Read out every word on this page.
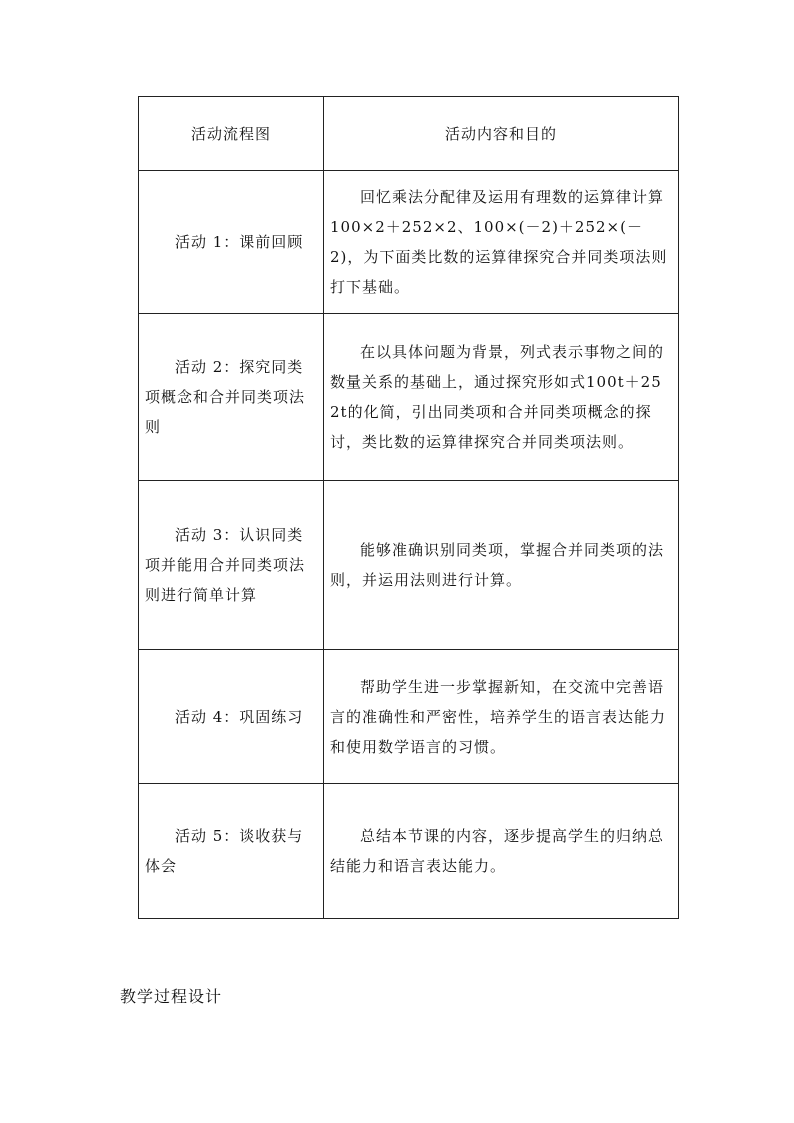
活动流程图	活动内容和目的
活动 1：课前回顾	回忆乘法分配律及运用有理数的运算律计算100×2＋252×2、100×(－2)＋252×(－2)，为下面类比数的运算律探究合并同类项法则打下基础。
活动 2：探究同类项概念和合并同类项法则	在以具体问题为背景，列式表示事物之间的数量关系的基础上，通过探究形如式100t＋252t的化简，引出同类项和合并同类项概念的探讨，类比数的运算律探究合并同类项法则。
活动 3：认识同类项并能用合并同类项法则进行简单计算	能够准确识别同类项，掌握合并同类项的法则，并运用法则进行计算。
活动 4：巩固练习	帮助学生进一步掌握新知，在交流中完善语言的准确性和严密性，培养学生的语言表达能力和使用数学语言的习惯。
活动 5：谈收获与体会	总结本节课的内容，逐步提高学生的归纳总结能力和语言表达能力。
教学过程设计
